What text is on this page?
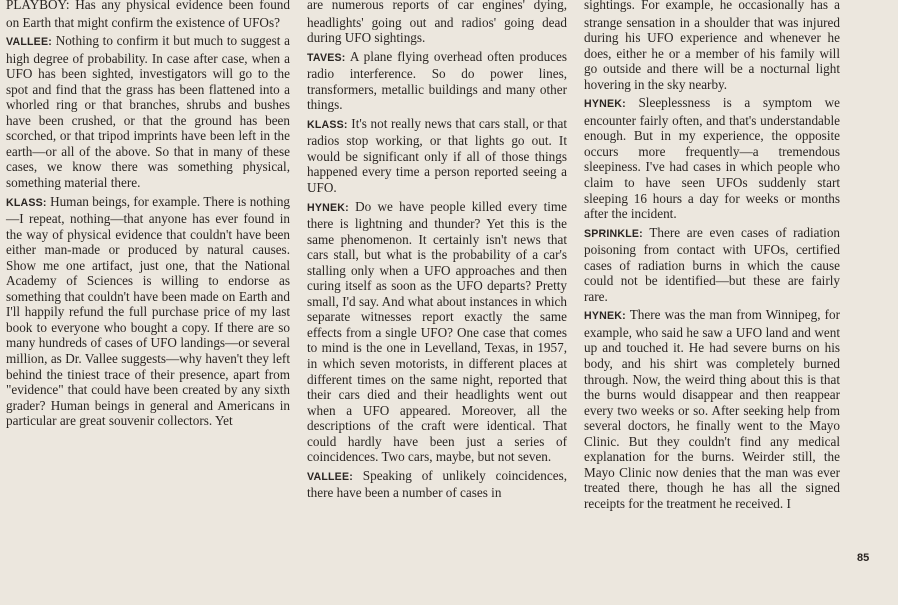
PLAYBOY: Has any physical evidence been found on Earth that might confirm the existence of UFOs?

VALLEE: Nothing to confirm it but much to suggest a high degree of probability. In case after case, when a UFO has been sighted, investigators will go to the spot and find that the grass has been flattened into a whorled ring or that branches, shrubs and bushes have been crushed, or that the ground has been scorched, or that tripod imprints have been left in the earth—or all of the above. So that in many of these cases, we know there was something physical, something material there.

KLASS: Human beings, for example. There is nothing—I repeat, nothing—that anyone has ever found in the way of physical evidence that couldn't have been either man-made or produced by natural causes. Show me one artifact, just one, that the National Academy of Sciences is willing to endorse as something that couldn't have been made on Earth and I'll happily refund the full purchase price of my last book to everyone who bought a copy. If there are so many hundreds of cases of UFO landings—or several million, as Dr. Vallee suggests—why haven't they left behind the tiniest trace of their presence, apart from "evidence" that could have been created by any sixth grader? Human beings in general and Americans in particular are great souvenir collectors. Yet

are numerous reports of car engines' dying, headlights' going out and radios' going dead during UFO sightings.

TAVES: A plane flying overhead often produces radio interference. So do power lines, transformers, metallic buildings and many other things.

KLASS: It's not really news that cars stall, or that radios stop working, or that lights go out. It would be significant only if all of those things happened every time a person reported seeing a UFO.

HYNEK: Do we have people killed every time there is lightning and thunder? Yet this is the same phenomenon. It certainly isn't news that cars stall, but what is the probability of a car's stalling only when a UFO approaches and then curing itself as soon as the UFO departs? Pretty small, I'd say. And what about instances in which separate witnesses report exactly the same effects from a single UFO? One case that comes to mind is the one in Levelland, Texas, in 1957, in which seven motorists, in different places at different times on the same night, reported that their cars died and their headlights went out when a UFO appeared. Moreover, all the descriptions of the craft were identical. That could hardly have been just a series of coincidences. Two cars, maybe, but not seven.

VALLEE: Speaking of unlikely coincidences, there have been a number of cases in

sightings. For example, he occasionally has a strange sensation in a shoulder that was injured during his UFO experience and whenever he does, either he or a member of his family will go outside and there will be a nocturnal light hovering in the sky nearby.

HYNEK: Sleeplessness is a symptom we encounter fairly often, and that's understandable enough. But in my experience, the opposite occurs more frequently—a tremendous sleepiness. I've had cases in which people who claim to have seen UFOs suddenly start sleeping 16 hours a day for weeks or months after the incident.

SPRINKLE: There are even cases of radiation poisoning from contact with UFOs, certified cases of radiation burns in which the cause could not be identified—but these are fairly rare.

HYNEK: There was the man from Winnipeg, for example, who said he saw a UFO land and went up and touched it. He had severe burns on his body, and his shirt was completely burned through. Now, the weird thing about this is that the burns would disappear and then reappear every two weeks or so. After seeking help from several doctors, he finally went to the Mayo Clinic. But they couldn't find any medical explanation for the burns. Weirder still, the Mayo Clinic now denies that the man was ever treated there, though he has all the signed receipts for the treatment he received. I

85
